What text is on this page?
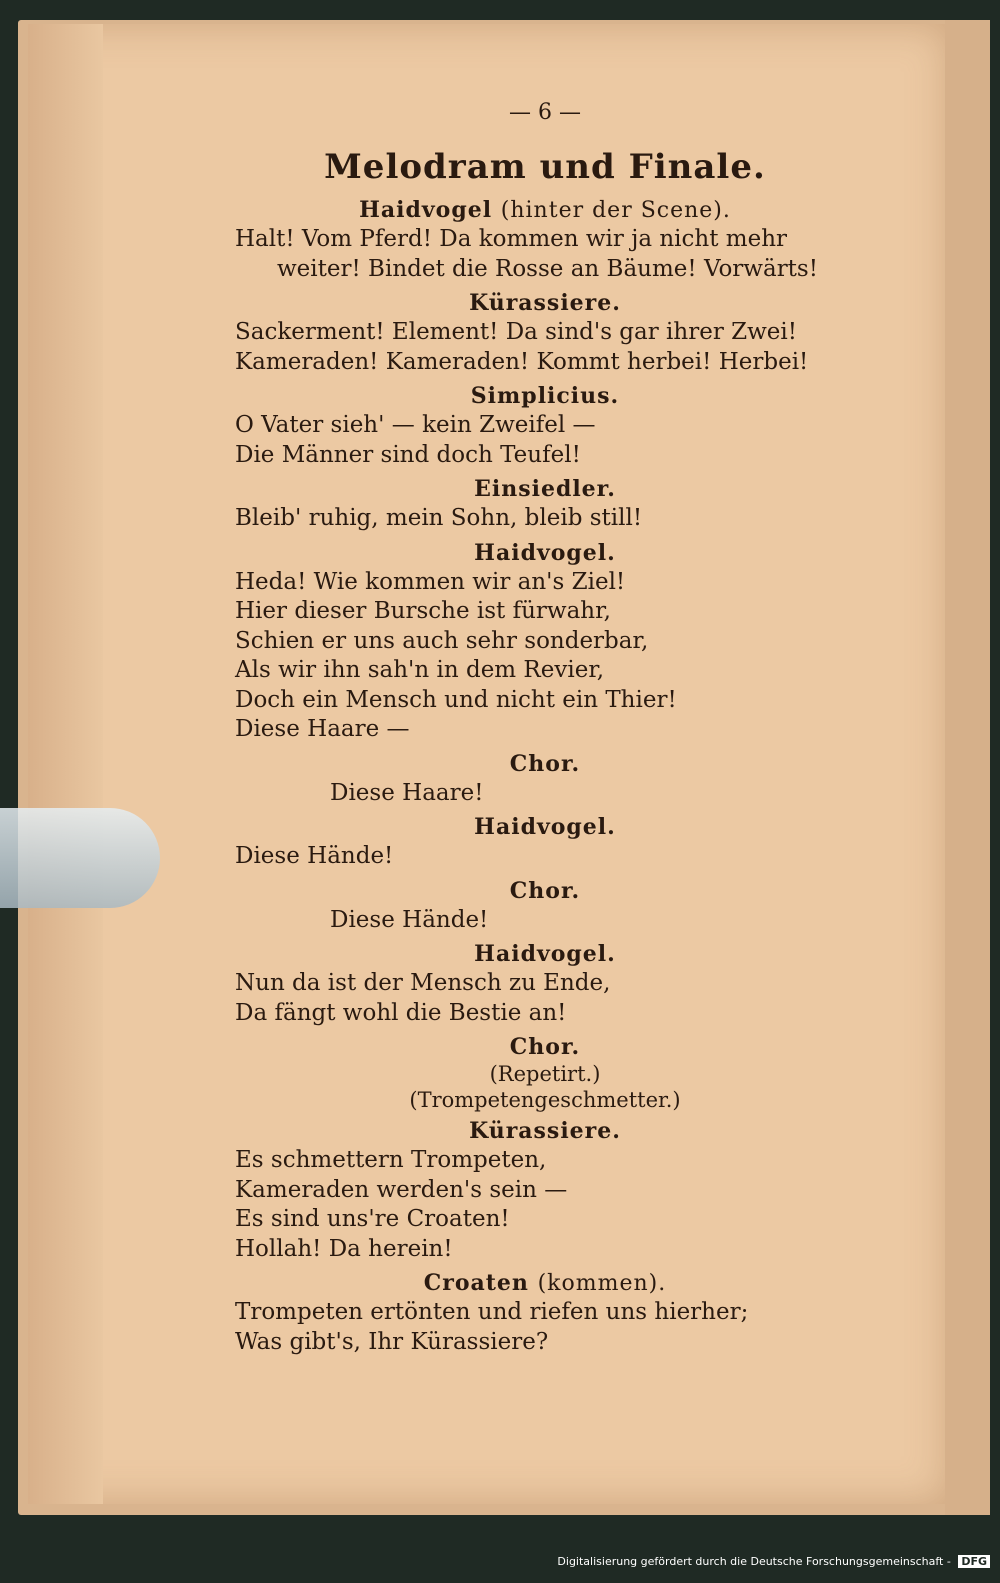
— 6 —
Melodram und Finale.
Haidvogel (hinter der Scene).
Halt! Vom Pferd! Da kommen wir ja nicht mehr
weiter! Bindet die Rosse an Bäume! Vorwärts!
Kürassiere.
Sackerment! Element! Da sind's gar ihrer Zwei!
Kameraden! Kameraden! Kommt herbei! Herbei!
Simplicius.
O Vater sieh' — kein Zweifel —
Die Männer sind doch Teufel!
Einsiedler.
Bleib' ruhig, mein Sohn, bleib still!
Haidvogel.
Heda! Wie kommen wir an's Ziel!
Hier dieser Bursche ist fürwahr,
Schien er uns auch sehr sonderbar,
Als wir ihn sah'n in dem Revier,
Doch ein Mensch und nicht ein Thier!
Diese Haare —
Chor.
Diese Haare!
Haidvogel.
Diese Hände!
Chor.
Diese Hände!
Haidvogel.
Nun da ist der Mensch zu Ende,
Da fängt wohl die Bestie an!
Chor.
(Repetirt.)
(Trompetengeschmetter.)
Kürassiere.
Es schmettern Trompeten,
Kameraden werden's sein —
Es sind uns're Croaten!
Hollah! Da herein!
Croaten (kommen).
Trompeten ertönten und riefen uns hierher;
Was gibt's, Ihr Kürassiere?
Digitalisierung gefördert durch die Deutsche Forschungsgemeinschaft - DFG
